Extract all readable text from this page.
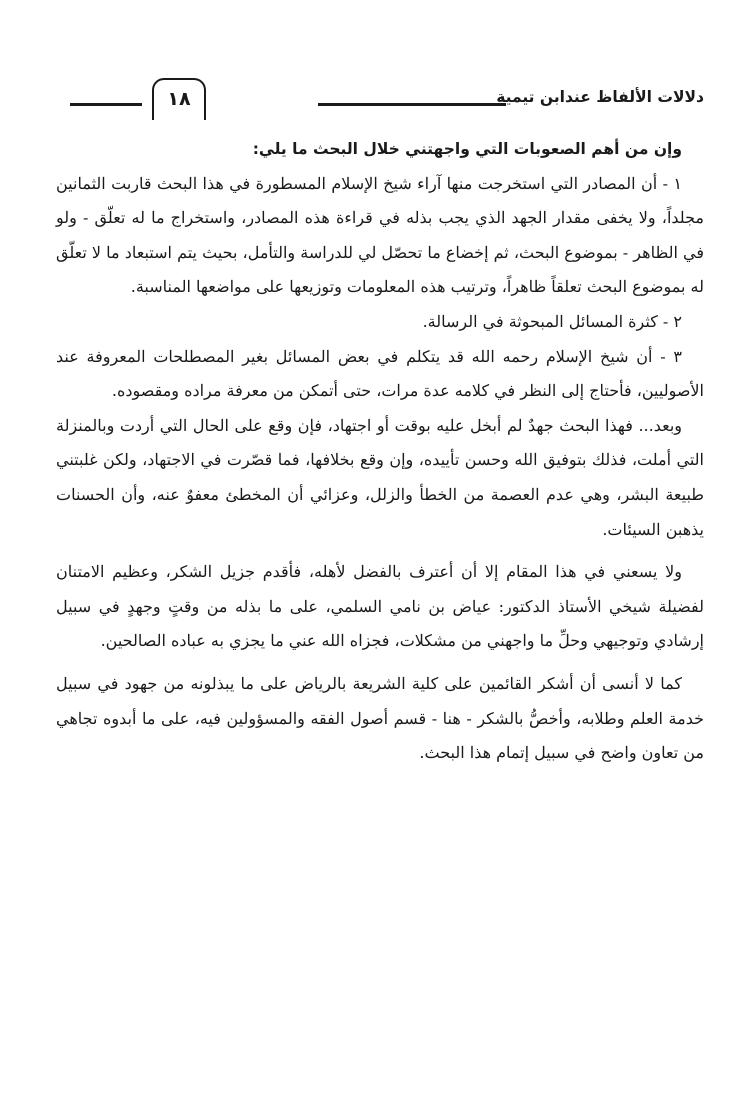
١٨	دلالات الألفاظ عندابن تيمية

وإن من أهم الصعوبات التي واجهتني خلال البحث ما يلي:

١ - أن المصادر التي استخرجت منها آراء شيخ الإسلام المسطورة في هذا البحث قاربت الثمانين مجلداً، ولا يخفى مقدار الجهد الذي يجب بذله في قراءة هذه المصادر، واستخراج ما له تعلّق - ولو في الظاهر - بموضوع البحث، ثم إخضاع ما تحصّل لي للدراسة والتأمل، بحيث يتم استبعاد ما لا تعلّق له بموضوع البحث تعلقاً ظاهراً، وترتيب هذه المعلومات وتوزيعها على مواضعها المناسبة.

٢ - كثرة المسائل المبحوثة في الرسالة.

٣ - أن شيخ الإسلام رحمه الله قد يتكلم في بعض المسائل بغير المصطلحات المعروفة عند الأصوليين، فأحتاج إلى النظر في كلامه عدة مرات، حتى أتمكن من معرفة مراده ومقصوده.

وبعد... فهذا البحث جهدٌ لم أبخل عليه بوقت أو اجتهاد، فإن وقع على الحال التي أردت وبالمنزلة التي أملت، فذلك بتوفيق الله وحسن تأييده، وإن وقع بخلافها، فما قصّرت في الاجتهاد، ولكن غلبتني طبيعة البشر، وهي عدم العصمة من الخطأ والزلل، وعزائي أن المخطئ معفوٌ عنه، وأن الحسنات يذهبن السيئات.

ولا يسعني في هذا المقام إلا أن أعترف بالفضل لأهله، فأقدم جزيل الشكر، وعظيم الامتنان لفضيلة شيخي الأستاذ الدكتور: عياض بن نامي السلمي، على ما بذله من وقتٍ وجهدٍ في سبيل إرشادي وتوجيهي وحلِّ ما واجهني من مشكلات، فجزاه الله عني ما يجزي به عباده الصالحين.

كما لا أنسى أن أشكر القائمين على كلية الشريعة بالرياض على ما يبذلونه من جهود في سبيل خدمة العلم وطلابه، وأخصُّ بالشكر - هنا - قسم أصول الفقه والمسؤولين فيه، على ما أبدوه تجاهي من تعاون واضح في سبيل إتمام هذا البحث.
